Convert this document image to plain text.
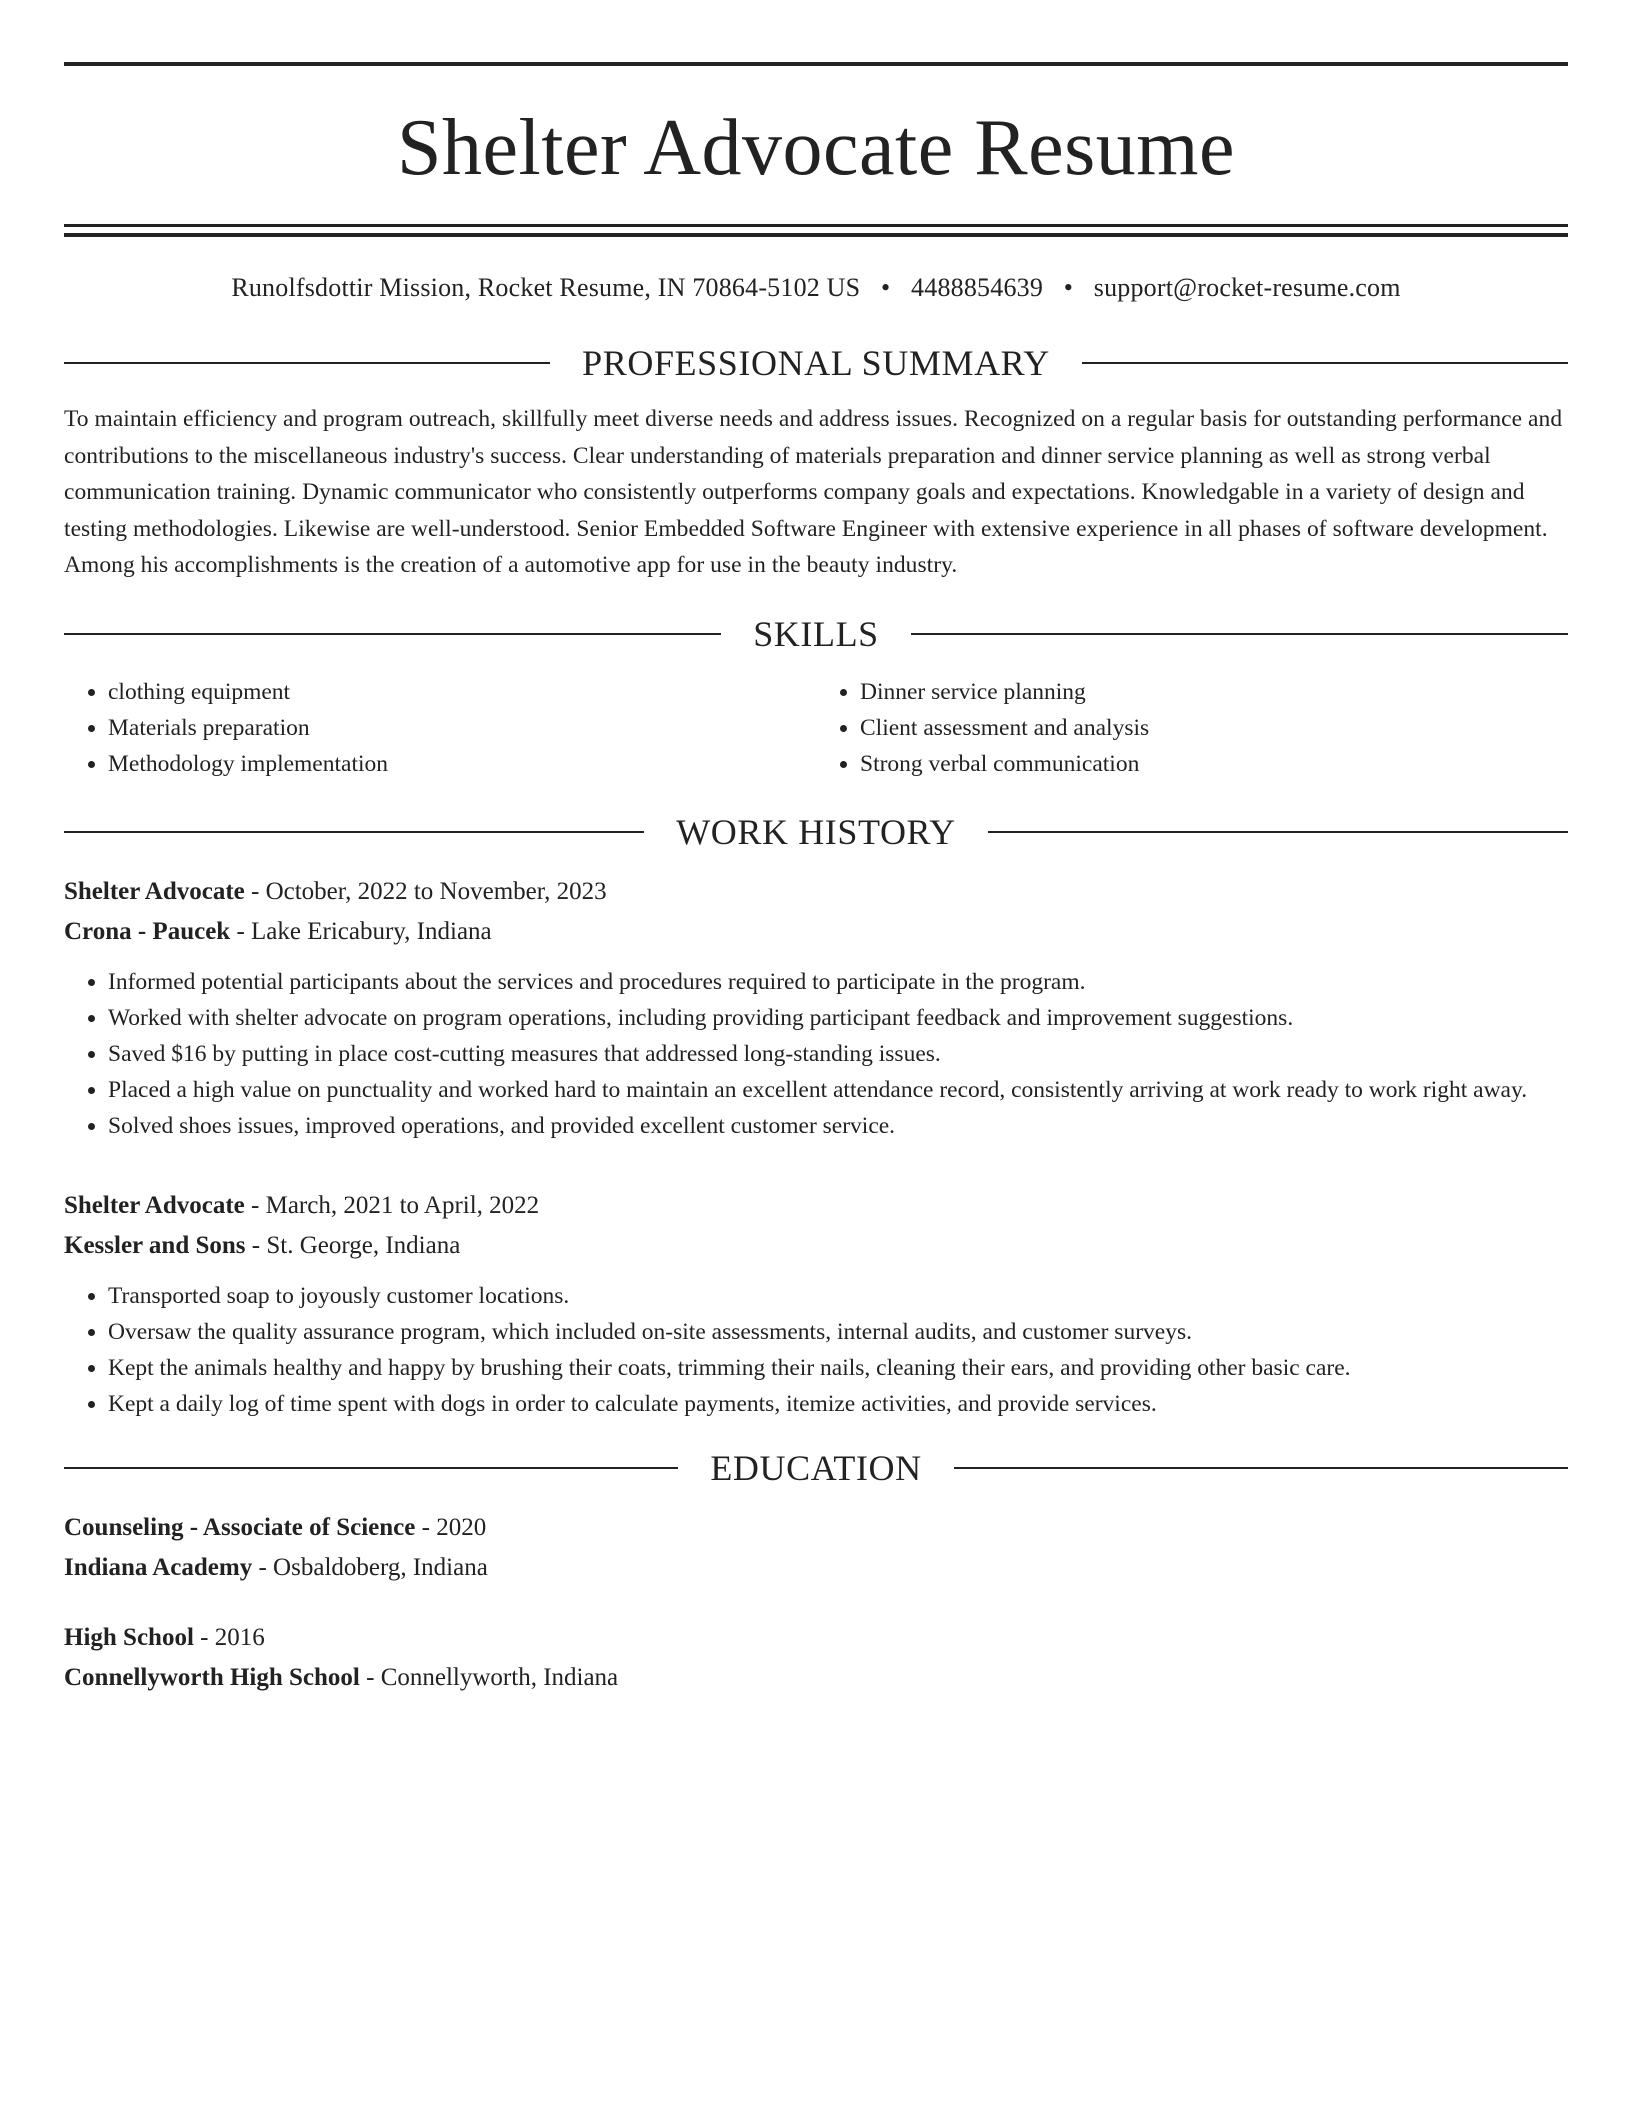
Shelter Advocate Resume
Runolfsdottir Mission, Rocket Resume, IN 70864-5102 US • 4488854639 • support@rocket-resume.com
PROFESSIONAL SUMMARY
To maintain efficiency and program outreach, skillfully meet diverse needs and address issues. Recognized on a regular basis for outstanding performance and contributions to the miscellaneous industry's success. Clear understanding of materials preparation and dinner service planning as well as strong verbal communication training. Dynamic communicator who consistently outperforms company goals and expectations. Knowledgable in a variety of design and testing methodologies. Likewise are well-understood. Senior Embedded Software Engineer with extensive experience in all phases of software development. Among his accomplishments is the creation of a automotive app for use in the beauty industry.
SKILLS
• clothing equipment
• Materials preparation
• Methodology implementation
• Dinner service planning
• Client assessment and analysis
• Strong verbal communication
WORK HISTORY
Shelter Advocate - October, 2022 to November, 2023
Crona - Paucek - Lake Ericabury, Indiana
• Informed potential participants about the services and procedures required to participate in the program.
• Worked with shelter advocate on program operations, including providing participant feedback and improvement suggestions.
• Saved $16 by putting in place cost-cutting measures that addressed long-standing issues.
• Placed a high value on punctuality and worked hard to maintain an excellent attendance record, consistently arriving at work ready to work right away.
• Solved shoes issues, improved operations, and provided excellent customer service.
Shelter Advocate - March, 2021 to April, 2022
Kessler and Sons - St. George, Indiana
• Transported soap to joyously customer locations.
• Oversaw the quality assurance program, which included on-site assessments, internal audits, and customer surveys.
• Kept the animals healthy and happy by brushing their coats, trimming their nails, cleaning their ears, and providing other basic care.
• Kept a daily log of time spent with dogs in order to calculate payments, itemize activities, and provide services.
EDUCATION
Counseling - Associate of Science - 2020
Indiana Academy - Osbaldoberg, Indiana
High School - 2016
Connellyworth High School - Connellyworth, Indiana
